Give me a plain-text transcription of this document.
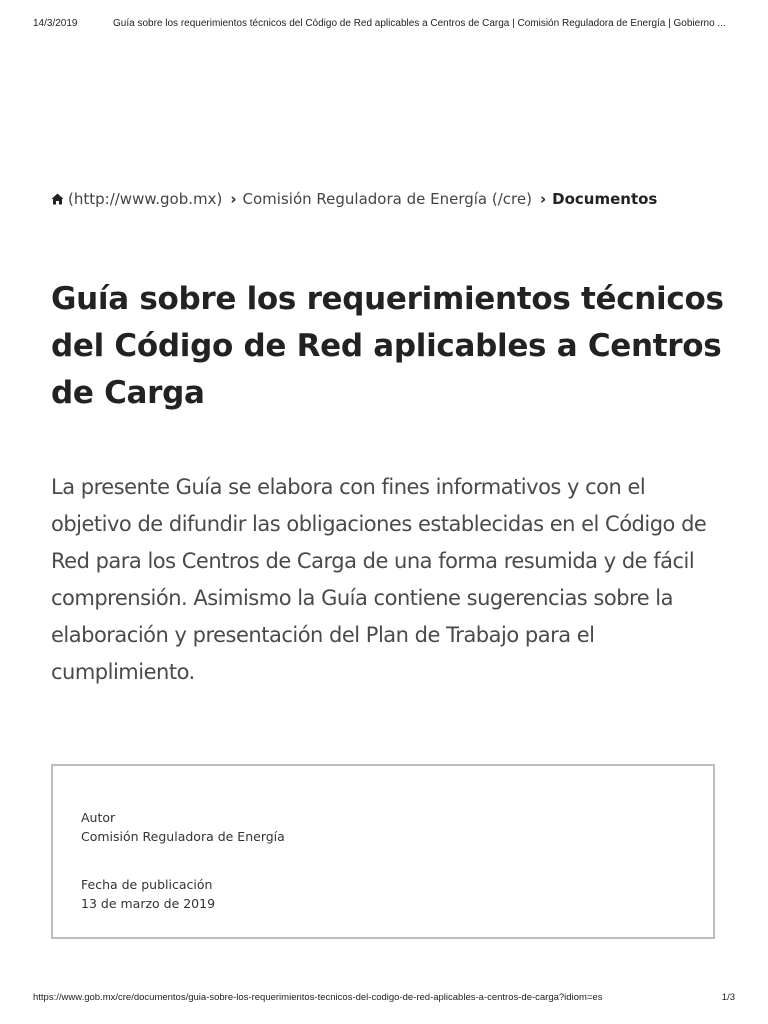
14/3/2019	Guía sobre los requerimientos técnicos del Código de Red aplicables a Centros de Carga | Comisión Reguladora de Energía | Gobierno ...
(http://www.gob.mx) › Comisión Reguladora de Energía (/cre) › Documentos
Guía sobre los requerimientos técnicos del Código de Red aplicables a Centros de Carga

La presente Guía se elabora con fines informativos y con el objetivo de difundir las obligaciones establecidas en el Código de Red para los Centros de Carga de una forma resumida y de fácil comprensión. Asimismo la Guía contiene sugerencias sobre la elaboración y presentación del Plan de Trabajo para el cumplimiento.

Autor
Comisión Reguladora de Energía
Fecha de publicación
13 de marzo de 2019
https://www.gob.mx/cre/documentos/guia-sobre-los-requerimientos-tecnicos-del-codigo-de-red-aplicables-a-centros-de-carga?idiom=es	1/3
